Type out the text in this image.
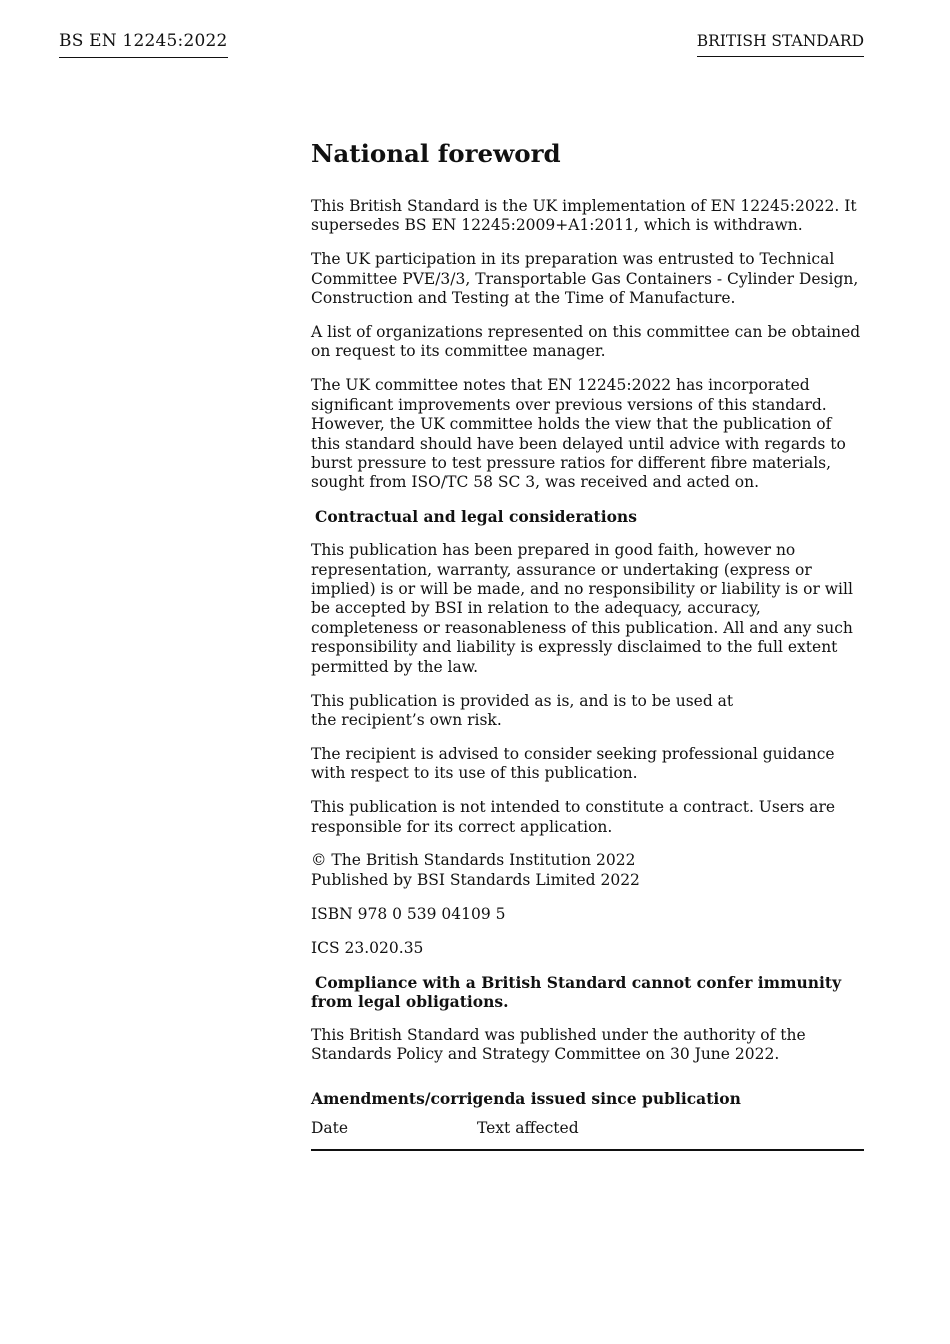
BS EN 12245:2022	BRITISH STANDARD
National foreword

This British Standard is the UK implementation of EN 12245:2022. It supersedes BS EN 12245:2009+A1:2011, which is withdrawn.

The UK participation in its preparation was entrusted to Technical Committee PVE/3/3, Transportable Gas Containers - Cylinder Design, Construction and Testing at the Time of Manufacture.

A list of organizations represented on this committee can be obtained on request to its committee manager.

The UK committee notes that EN 12245:2022 has incorporated significant improvements over previous versions of this standard. However, the UK committee holds the view that the publication of this standard should have been delayed until advice with regards to burst pressure to test pressure ratios for different fibre materials, sought from ISO/TC 58 SC 3, was received and acted on.

Contractual and legal considerations

This publication has been prepared in good faith, however no representation, warranty, assurance or undertaking (express or implied) is or will be made, and no responsibility or liability is or will be accepted by BSI in relation to the adequacy, accuracy, completeness or reasonableness of this publication. All and any such responsibility and liability is expressly disclaimed to the full extent permitted by the law.

This publication is provided as is, and is to be used at the recipient’s own risk.

The recipient is advised to consider seeking professional guidance with respect to its use of this publication.

This publication is not intended to constitute a contract. Users are responsible for its correct application.

© The British Standards Institution 2022
Published by BSI Standards Limited 2022

ISBN 978 0 539 04109 5

ICS 23.020.35

Compliance with a British Standard cannot confer immunity from legal obligations.

This British Standard was published under the authority of the Standards Policy and Strategy Committee on 30 June 2022.

Amendments/corrigenda issued since publication
Date	Text affected
